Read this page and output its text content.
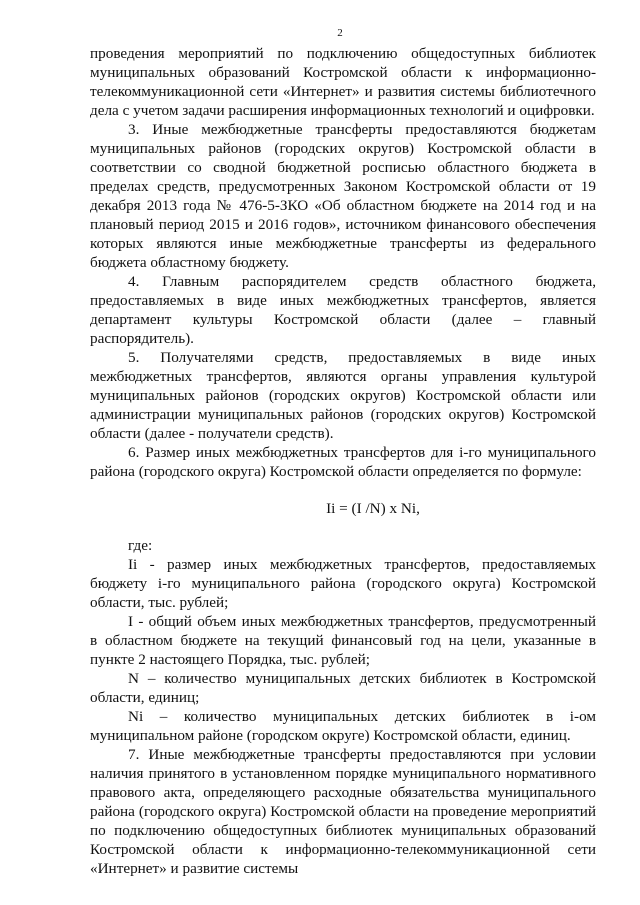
2

проведения мероприятий по подключению общедоступных библиотек муниципальных образований Костромской области к информационно-телекоммуникационной сети «Интернет» и развития системы библиотечного дела с учетом задачи расширения информационных технологий и оцифровки.

3. Иные межбюджетные трансферты предоставляются бюджетам муниципальных районов (городских округов) Костромской области в соответствии со сводной бюджетной росписью областного бюджета в пределах средств, предусмотренных Законом Костромской области от 19 декабря 2013 года № 476-5-ЗКО «Об областном бюджете на 2014 год и на плановый период 2015 и 2016 годов», источником финансового обеспечения которых являются иные межбюджетные трансферты из федерального бюджета областному бюджету.

4. Главным распорядителем средств областного бюджета, предоставляемых в виде иных межбюджетных трансфертов, является департамент культуры Костромской области (далее – главный распорядитель).

5. Получателями средств, предоставляемых в виде иных межбюджетных трансфертов, являются органы управления культурой муниципальных районов (городских округов) Костромской области или администрации муниципальных районов (городских округов) Костромской области (далее - получатели средств).

6. Размер иных межбюджетных трансфертов для i-го муниципального района (городского округа) Костромской области определяется по формуле:

Ii = (I /N) x Ni,

где:

Ii - размер иных межбюджетных трансфертов, предоставляемых бюджету i-го муниципального района (городского округа) Костромской области, тыс. рублей;

I - общий объем иных межбюджетных трансфертов, предусмотренный в областном бюджете на текущий финансовый год на цели, указанные в пункте 2 настоящего Порядка, тыс. рублей;

N – количество муниципальных детских библиотек в Костромской области, единиц;

Ni – количество муниципальных детских библиотек в i-ом муниципальном районе (городском округе) Костромской области, единиц.

7. Иные межбюджетные трансферты предоставляются при условии наличия принятого в установленном порядке муниципального нормативного правового акта, определяющего расходные обязательства муниципального района (городского округа) Костромской области на проведение мероприятий по подключению общедоступных библиотек муниципальных образований Костромской области к информационно-телекоммуникационной сети «Интернет» и развитие системы
